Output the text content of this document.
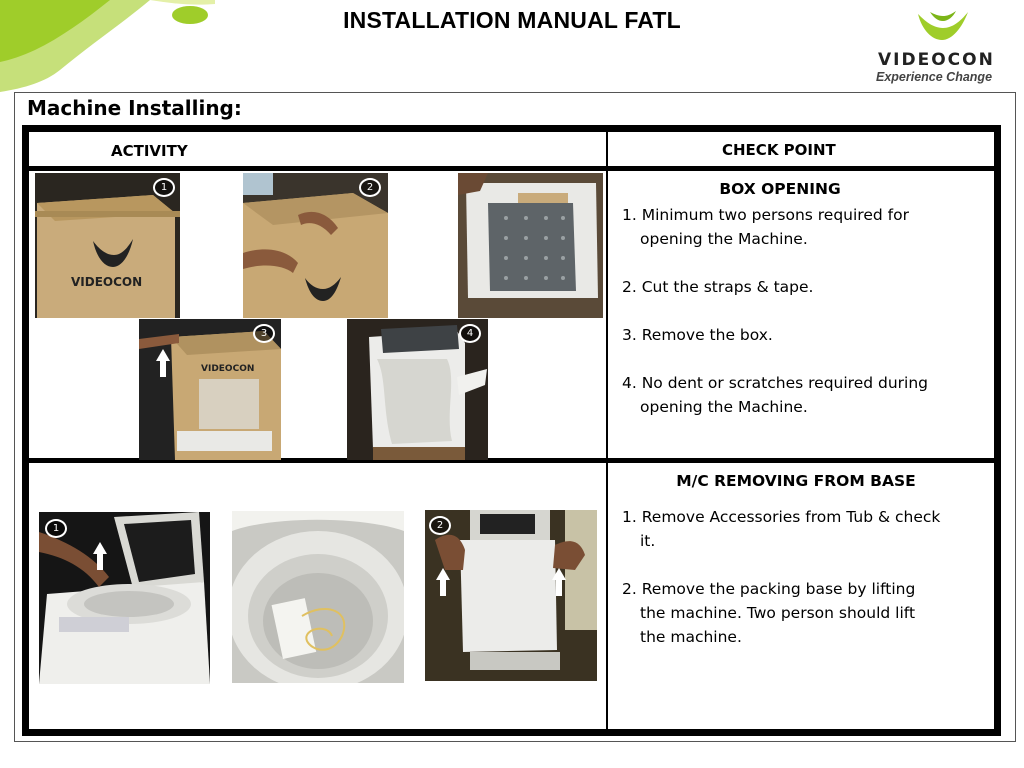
INSTALLATION MANUAL FATL
VIDEOCON
Experience Change
Machine Installing:
ACTIVITY	CHECK POINT
VIDEOCON
1	2
VIDEOCON
3	4
BOX OPENING

1. Minimum two persons required for opening the Machine.

2. Cut the straps & tape.

3. Remove the box.

4. No dent or scratches required during opening the Machine.

1	2
M/C REMOVING FROM BASE

1. Remove Accessories from Tub & check it.

2. Remove the packing base by lifting the machine. Two person should lift the machine.
